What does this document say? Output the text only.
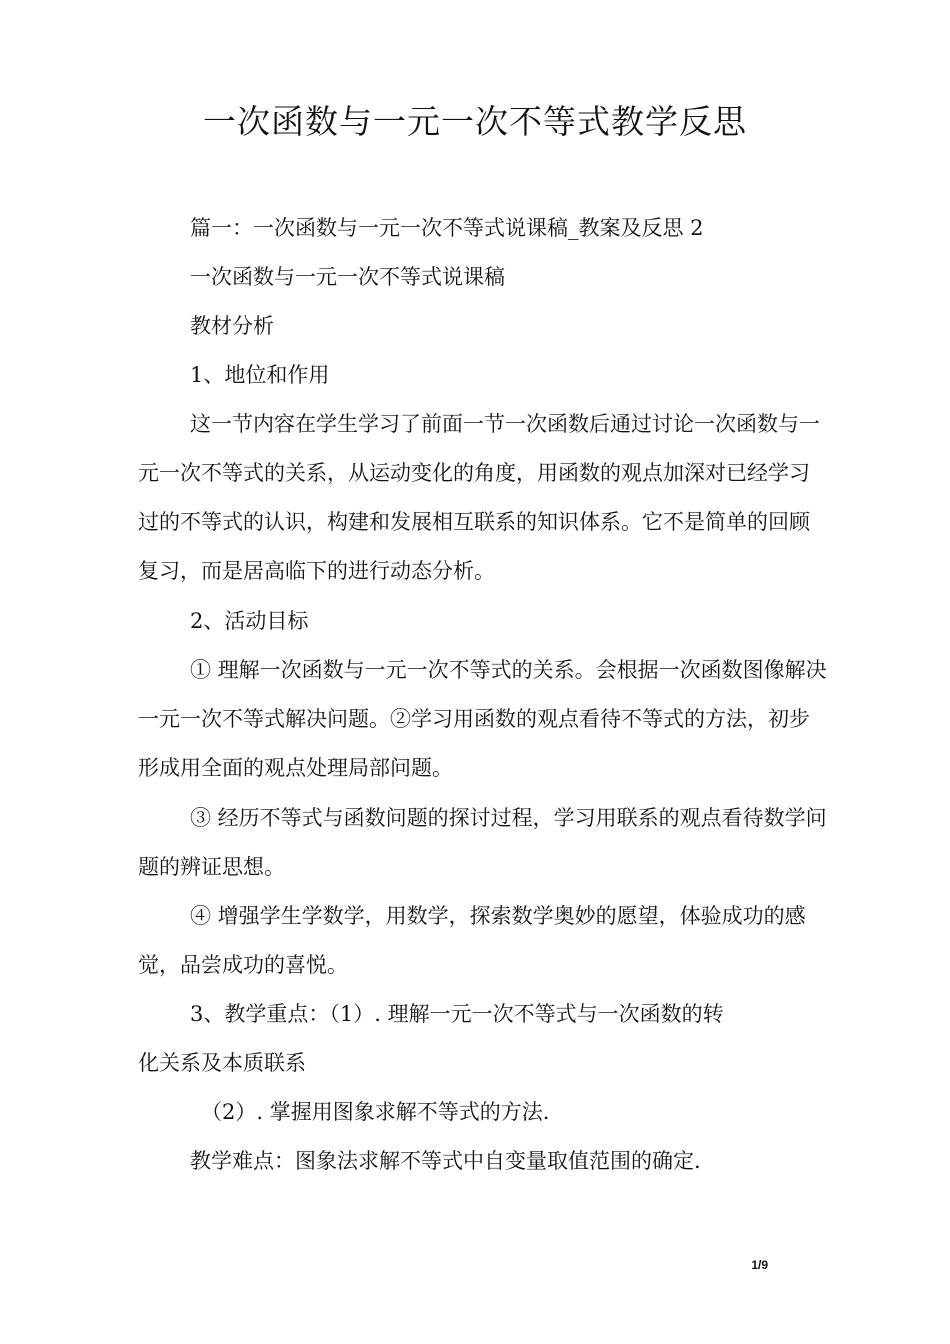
一次函数与一元一次不等式教学反思

篇一：一次函数与一元一次不等式说课稿_教案及反思 2

一次函数与一元一次不等式说课稿

教材分析

1、地位和作用

这一节内容在学生学习了前面一节一次函数后通过讨论一次函数与一元一次不等式的关系，从运动变化的角度，用函数的观点加深对已经学习过的不等式的认识，构建和发展相互联系的知识体系。它不是简单的回顾复习，而是居高临下的进行动态分析。

2、活动目标

① 理解一次函数与一元一次不等式的关系。会根据一次函数图像解决一元一次不等式解决问题。②学习用函数的观点看待不等式的方法，初步形成用全面的观点处理局部问题。

③ 经历不等式与函数问题的探讨过程，学习用联系的观点看待数学问题的辨证思想。

④ 增强学生学数学，用数学，探索数学奥妙的愿望，体验成功的感觉，品尝成功的喜悦。

3、教学重点：（1）. 理解一元一次不等式与一次函数的转

化关系及本质联系

（2）. 掌握用图象求解不等式的方法.

教学难点：图象法求解不等式中自变量取值范围的确定.

1/9
